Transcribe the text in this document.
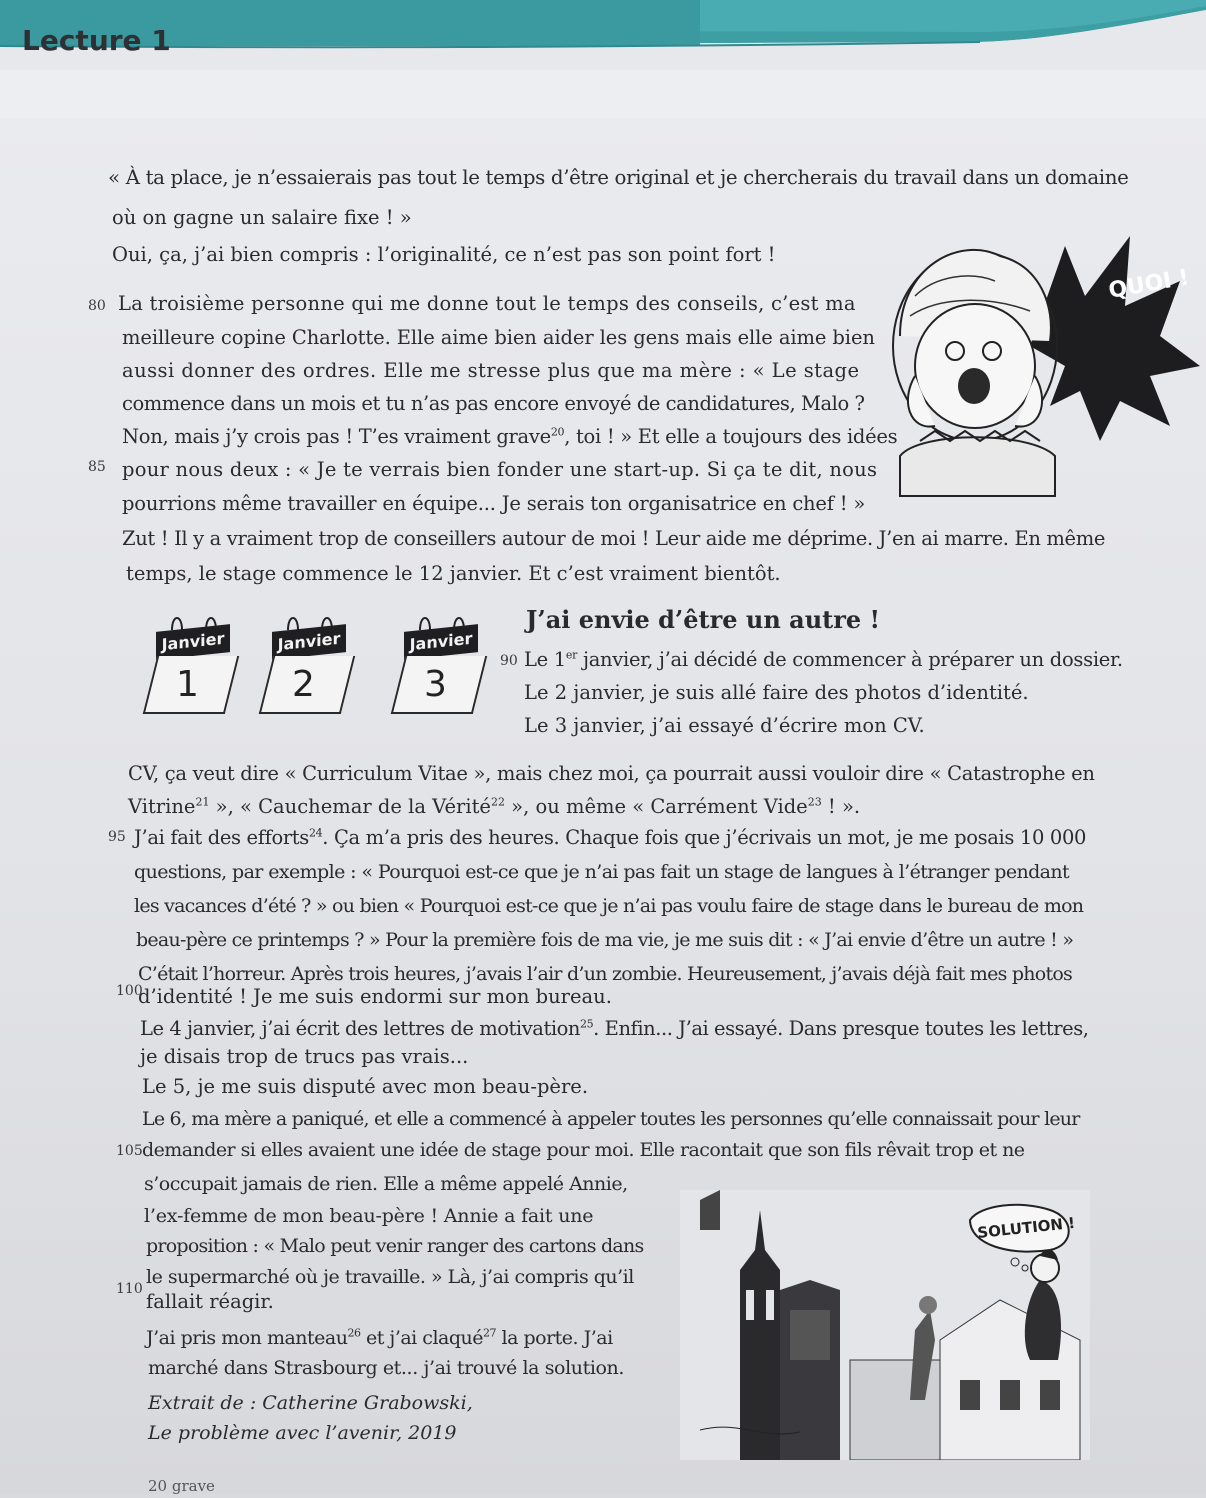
Lecture 1
80
85
90
95
100
105
110
« À ta place, je n’essaierais pas tout le temps d’être original et je chercherais du travail dans un domaine
où on gagne un salaire fixe ! »
Oui, ça, j’ai bien compris : l’originalité, ce n’est pas son point fort !
La troisième personne qui me donne tout le temps des conseils, c’est ma
meilleure copine Charlotte. Elle aime bien aider les gens mais elle aime bien
aussi donner des ordres. Elle me stresse plus que ma mère : « Le stage
commence dans un mois et tu n’as pas encore envoyé de candidatures, Malo ?
Non, mais j’y crois pas ! T’es vraiment grave$^{20}$, toi ! » Et elle a toujours des idées
pour nous deux : « Je te verrais bien fonder une start-up. Si ça te dit, nous
pourrions même travailler en équipe... Je serais ton organisatrice en chef ! »
Zut ! Il y a vraiment trop de conseillers autour de moi ! Leur aide me déprime. J’en ai marre. En même
temps, le stage commence le 12 janvier. Et c’est vraiment bientôt.
QUOI !
Janvier
1
Janvier
2
Janvier
3
J’ai envie d’être un autre !
Le 1er janvier, j’ai décidé de commencer à préparer un dossier.
Le 2 janvier, je suis allé faire des photos d’identité.
Le 3 janvier, j’ai essayé d’écrire mon CV.
CV, ça veut dire « Curriculum Vitae », mais chez moi, ça pourrait aussi vouloir dire « Catastrophe en
Vitrine$^{21}$ », « Cauchemar de la Vérité$^{22}$ », ou même « Carrément Vide$^{23}$ ! ».
J’ai fait des efforts$^{24}$. Ça m’a pris des heures. Chaque fois que j’écrivais un mot, je me posais 10 000
questions, par exemple : « Pourquoi est-ce que je n’ai pas fait un stage de langues à l’étranger pendant
les vacances d’été ? » ou bien « Pourquoi est-ce que je n’ai pas voulu faire de stage dans le bureau de mon
beau-père ce printemps ? » Pour la première fois de ma vie, je me suis dit : « J’ai envie d’être un autre ! »
C’était l’horreur. Après trois heures, j’avais l’air d’un zombie. Heureusement, j’avais déjà fait mes photos
d’identité ! Je me suis endormi sur mon bureau.
Le 4 janvier, j’ai écrit des lettres de motivation$^{25}$. Enfin... J’ai essayé. Dans presque toutes les lettres,
je disais trop de trucs pas vrais...
Le 5, je me suis disputé avec mon beau-père.
Le 6, ma mère a paniqué, et elle a commencé à appeler toutes les personnes qu’elle connaissait pour leur
demander si elles avaient une idée de stage pour moi. Elle racontait que son fils rêvait trop et ne
s’occupait jamais de rien. Elle a même appelé Annie,
l’ex-femme de mon beau-père ! Annie a fait une
proposition : « Malo peut venir ranger des cartons dans
le supermarché où je travaille. » Là, j’ai compris qu’il
fallait réagir.
J’ai pris mon manteau$^{26}$ et j’ai claqué$^{27}$ la porte. J’ai
marché dans Strasbourg et... j’ai trouvé la solution.
Extrait de : Catherine Grabowski,
Le problème avec l’avenir, 2019
20 grave
SOLUTION !
